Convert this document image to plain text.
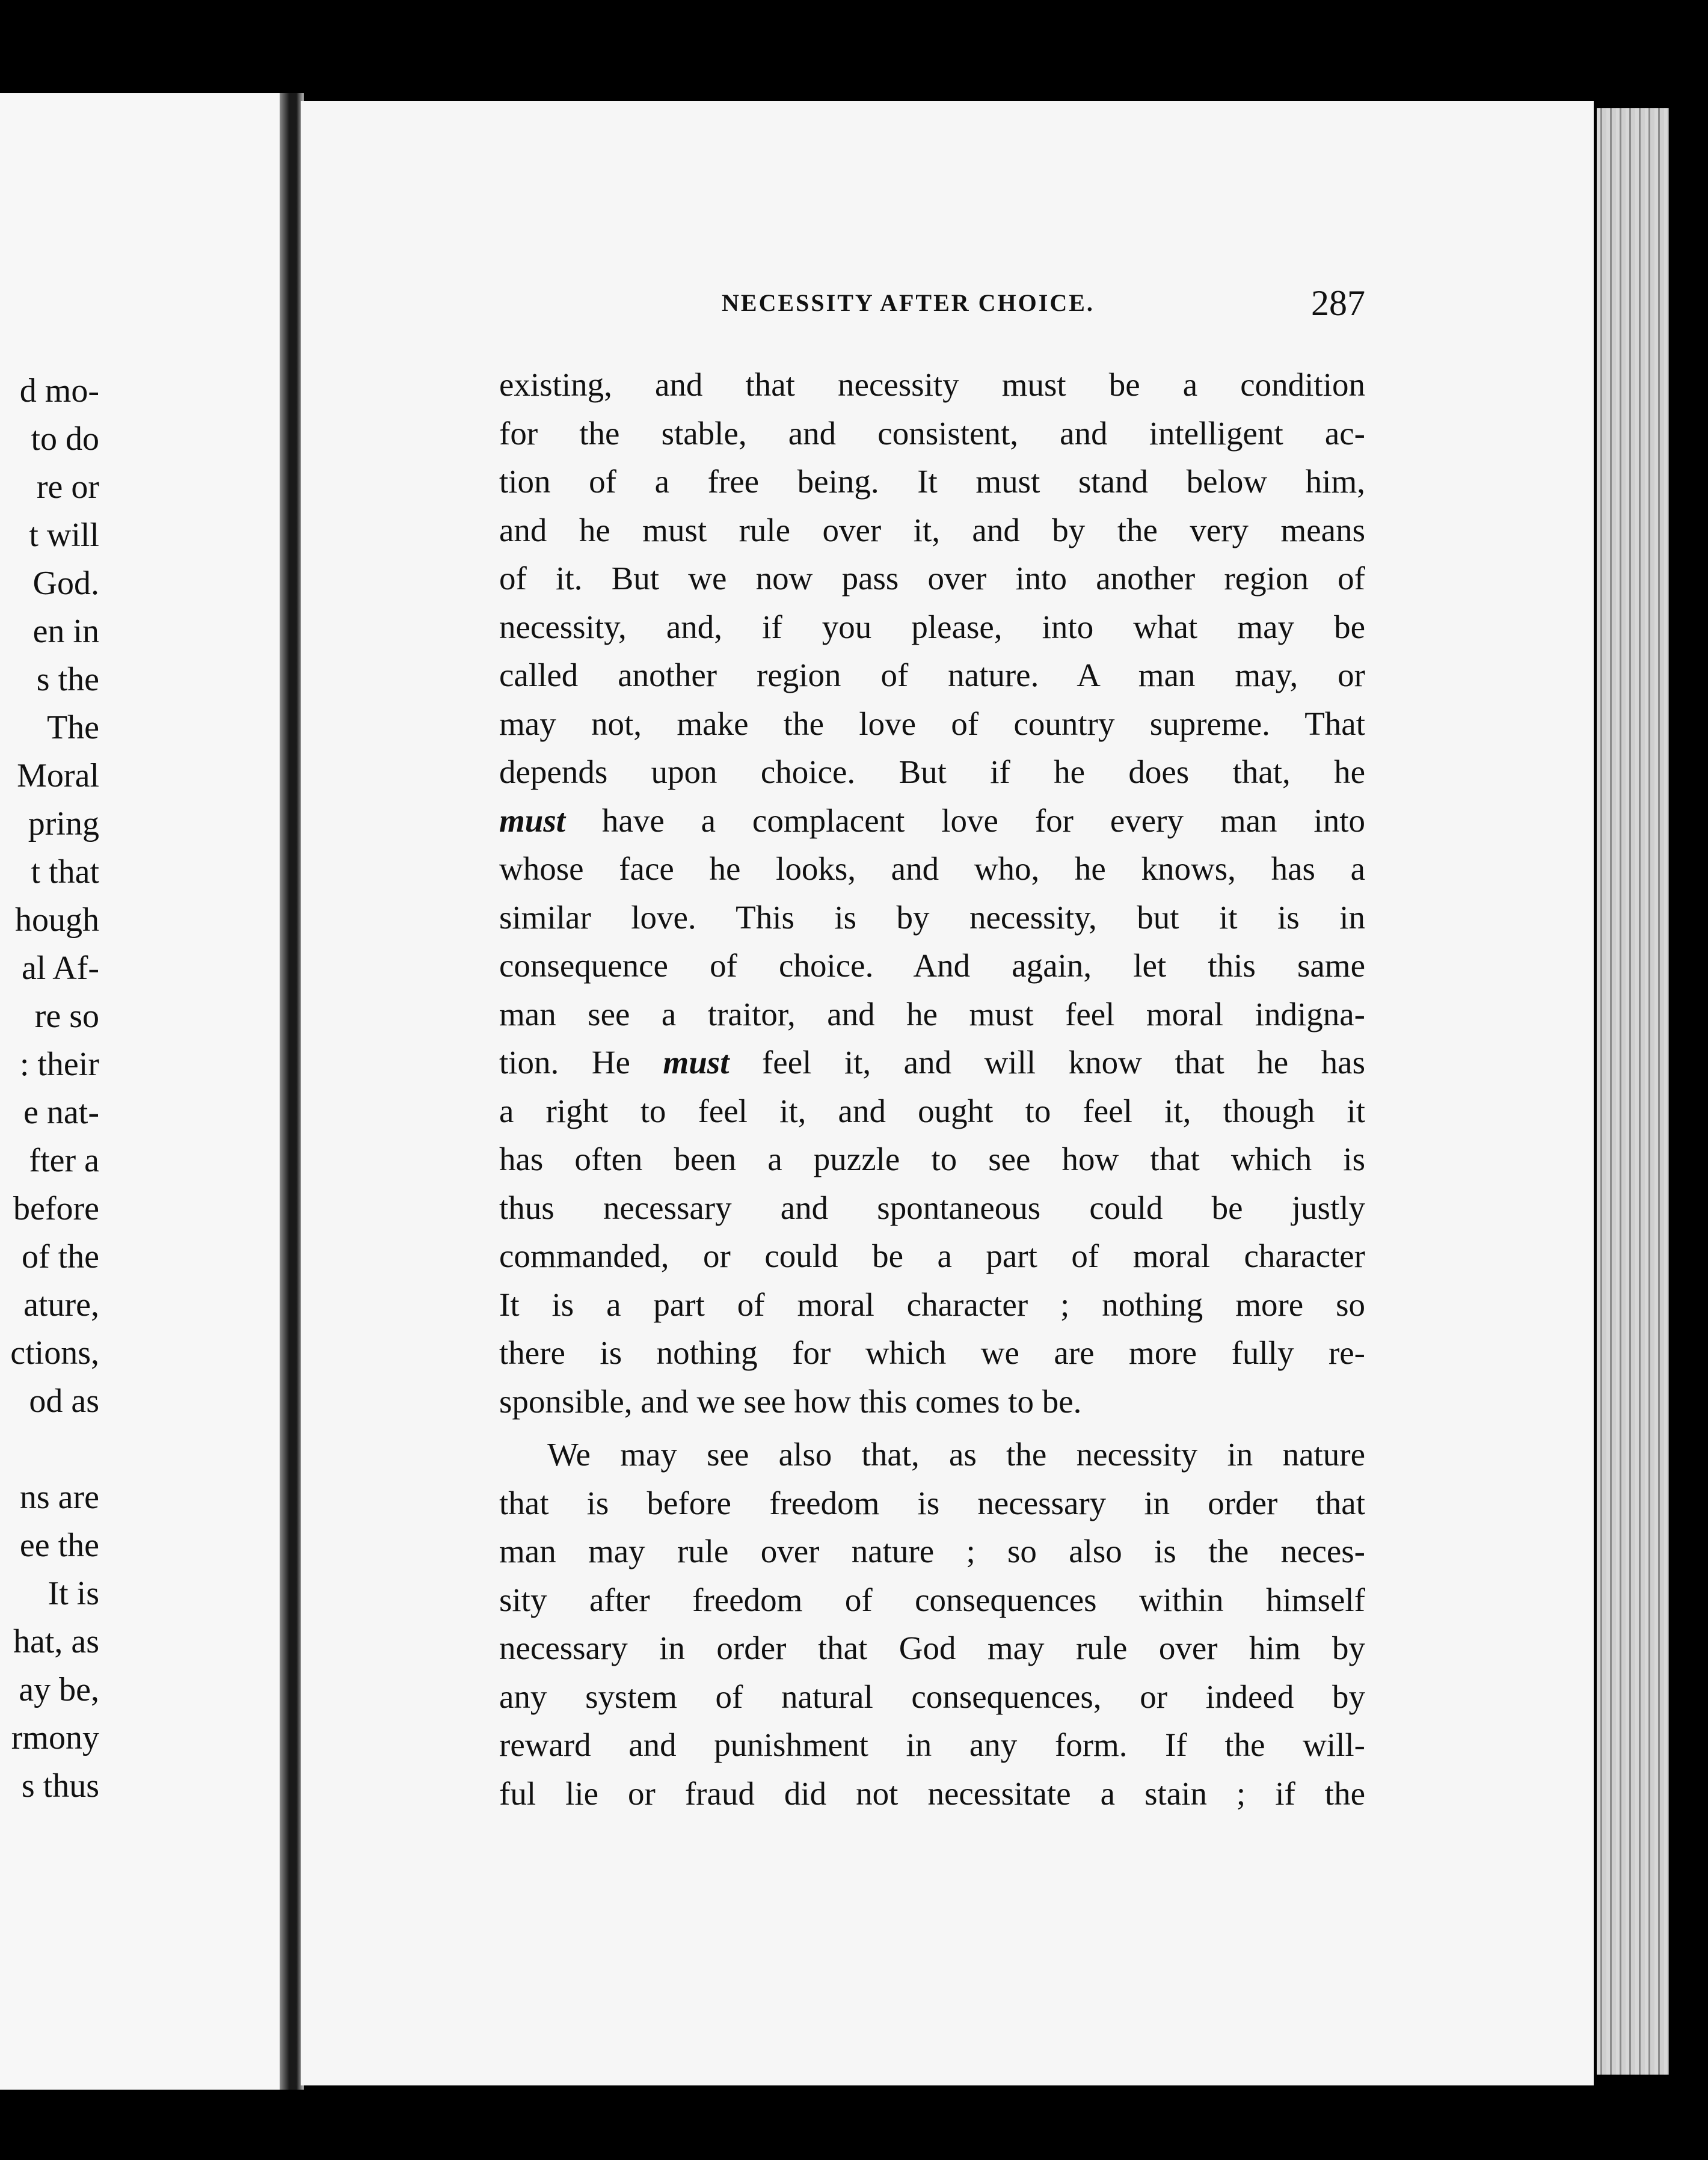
d mo-
to do
re or
t will
God.
en in
s the
The
Moral
pring
t that
hough
al Af-
re so
: their
e nat-
fter a
before
of the
ature,
ctions,
od as
ns are
ee the
It is
hat, as
ay be,
rmony
s thus
NECESSITY AFTER CHOICE.	287
existing, and that necessity must be a condition
for the stable, and consistent, and intelligent ac-
tion of a free being. It must stand below him,
and he must rule over it, and by the very means
of it. But we now pass over into another region of
necessity, and, if you please, into what may be
called another region of nature. A man may, or
may not, make the love of country supreme. That
depends upon choice. But if he does that, he
must have a complacent love for every man into
whose face he looks, and who, he knows, has a
similar love. This is by necessity, but it is in
consequence of choice. And again, let this same
man see a traitor, and he must feel moral indigna-
tion. He must feel it, and will know that he has
a right to feel it, and ought to feel it, though it
has often been a puzzle to see how that which is
thus necessary and spontaneous could be justly
commanded, or could be a part of moral character
It is a part of moral character ; nothing more so
there is nothing for which we are more fully re-
sponsible, and we see how this comes to be.
We may see also that, as the necessity in nature
that is before freedom is necessary in order that
man may rule over nature ; so also is the neces-
sity after freedom of consequences within himself
necessary in order that God may rule over him by
any system of natural consequences, or indeed by
reward and punishment in any form. If the will-
ful lie or fraud did not necessitate a stain ; if the
